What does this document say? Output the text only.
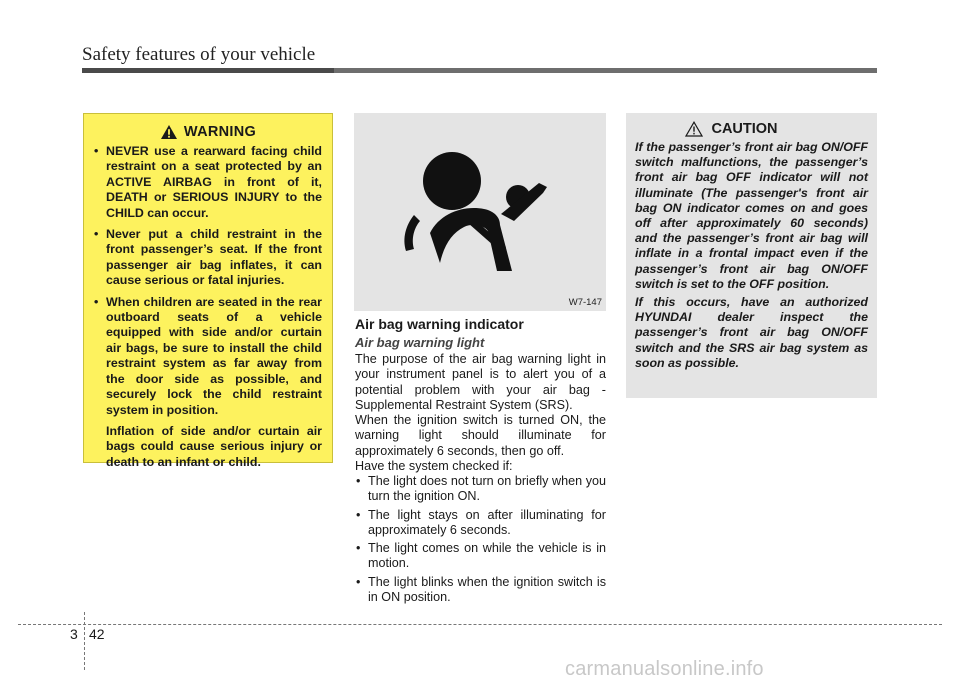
Safety features of your vehicle
WARNING
• NEVER use a rearward facing child restraint on a seat protected by an ACTIVE AIRBAG in front of it, DEATH or SERIOUS INJURY to the CHILD can occur.
• Never put a child restraint in the front passenger’s seat. If the front passenger air bag inflates, it can cause serious or fatal injuries.
• When children are seated in the rear outboard seats of a vehicle equipped with side and/or curtain air bags, be sure to install the child restraint system as far away from the door side as possible, and securely lock the child restraint system in position.

Inflation of side and/or curtain air bags could cause serious injury or death to an infant or child.

W7-147
Air bag warning indicator
Air bag warning light

The purpose of the air bag warning light in your instrument panel is to alert you of a potential problem with your air bag - Supplemental Restraint System (SRS).

When the ignition switch is turned ON, the warning light should illuminate for approximately 6 seconds, then go off.

Have the system checked if:

• The light does not turn on briefly when you turn the ignition ON.
• The light stays on after illuminating for approximately 6 seconds.
• The light comes on while the vehicle is in motion.
• The light blinks when the ignition switch is in ON position.
CAUTION

If the passenger’s front air bag ON/OFF switch malfunctions, the passenger’s front air bag OFF indicator will not illuminate (The passenger's front air bag ON indicator comes on and goes off after approximately 60 seconds) and the passenger’s front air bag will inflate in a frontal impact even if the passenger’s front air bag ON/OFF switch is set to the OFF position.

If this occurs, have an authorized HYUNDAI dealer inspect the passenger’s front air bag ON/OFF switch and the SRS air bag system as soon as possible.

3 42
carmanualsonline.info
